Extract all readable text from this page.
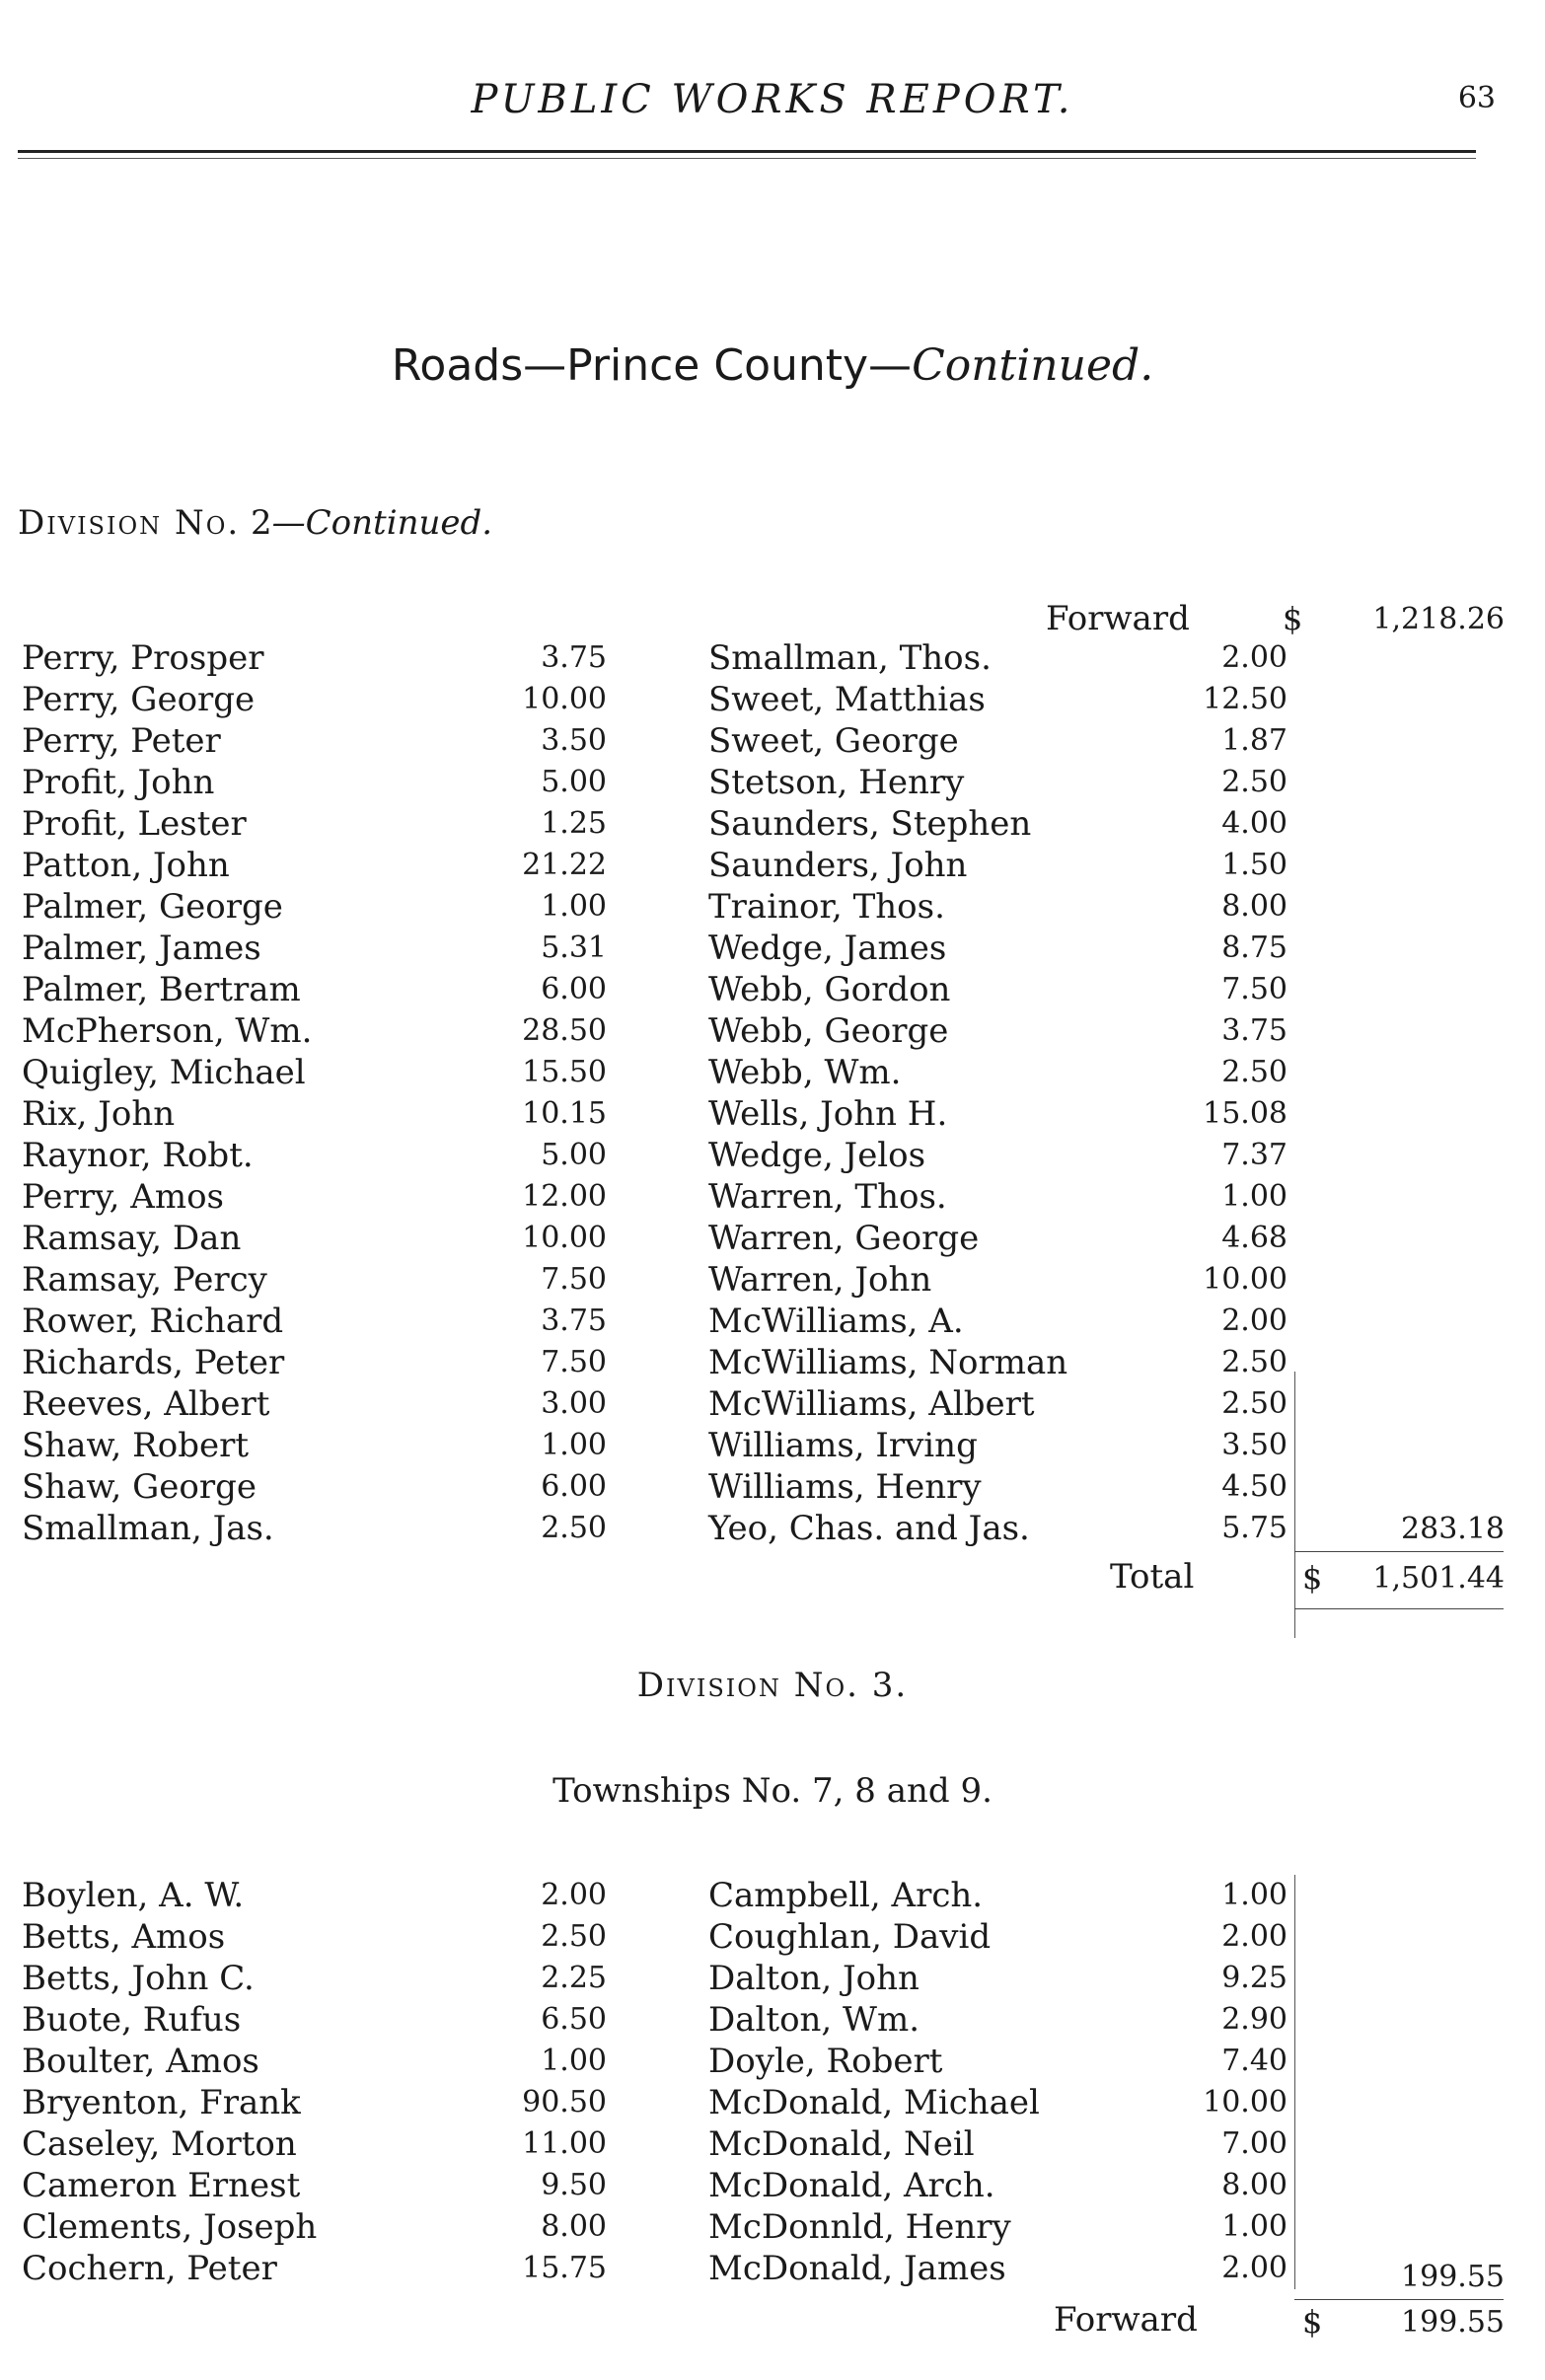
PUBLIC WORKS REPORT.	63
Roads—Prince County—Continued.
Division No. 2—Continued.
Forward	$	1,218.26
Perry, Prosper	3.75
Perry, George	10.00
Perry, Peter	3.50
Profit, John	5.00
Profit, Lester	1.25
Patton, John	21.22
Palmer, George	1.00
Palmer, James	5.31
Palmer, Bertram	6.00
McPherson, Wm.	28.50
Quigley, Michael	15.50
Rix, John	10.15
Raynor, Robt.	5.00
Perry, Amos	12.00
Ramsay, Dan	10.00
Ramsay, Percy	7.50
Rower, Richard	3.75
Richards, Peter	7.50
Reeves, Albert	3.00
Shaw, Robert	1.00
Shaw, George	6.00
Smallman, Jas.	2.50
Smallman, Thos.	2.00
Sweet, Matthias	12.50
Sweet, George	1.87
Stetson, Henry	2.50
Saunders, Stephen	4.00
Saunders, John	1.50
Trainor, Thos.	8.00
Wedge, James	8.75
Webb, Gordon	7.50
Webb, George	3.75
Webb, Wm.	2.50
Wells, John H.	15.08
Wedge, Jelos	7.37
Warren, Thos.	1.00
Warren, George	4.68
Warren, John	10.00
McWilliams, A.	2.00
McWilliams, Norman	2.50
McWilliams, Albert	2.50
Williams, Irving	3.50
Williams, Henry	4.50
Yeo, Chas. and Jas.	5.75	283.18
Total	$	1,501.44
Division No. 3.
Townships No. 7, 8 and 9.
Boylen, A. W.	2.00
Betts, Amos	2.50
Betts, John C.	2.25
Buote, Rufus	6.50
Boulter, Amos	1.00
Bryenton, Frank	90.50
Caseley, Morton	11.00
Cameron Ernest	9.50
Clements, Joseph	8.00
Cochern, Peter	15.75
Campbell, Arch.	1.00
Coughlan, David	2.00
Dalton, John	9.25
Dalton, Wm.	2.90
Doyle, Robert	7.40
McDonald, Michael	10.00
McDonald, Neil	7.00
McDonald, Arch.	8.00
McDonnld, Henry	1.00
McDonald, James	2.00	199.55
Forward	$	199.55
